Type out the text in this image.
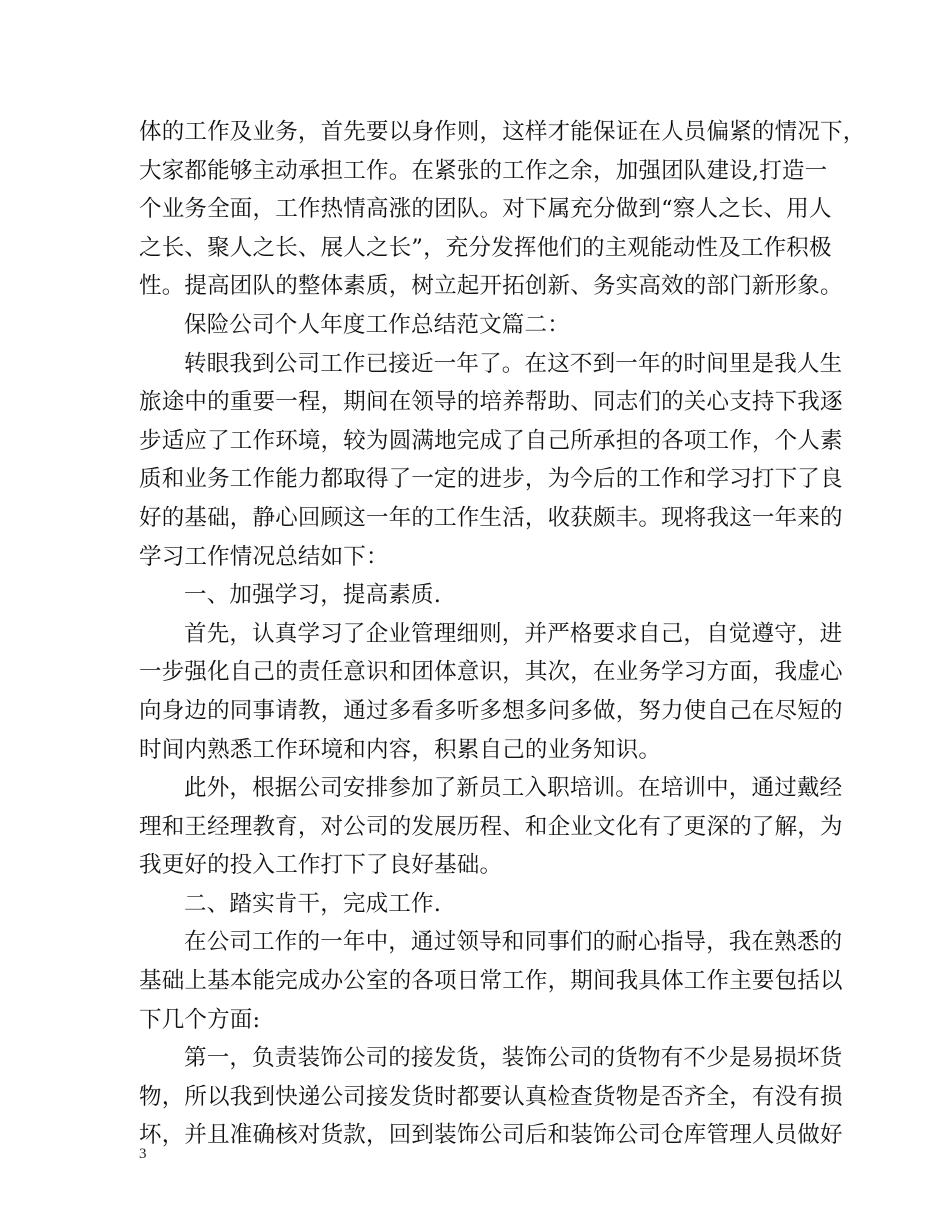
体的工作及业务，首先要以身作则，这样才能保证在人员偏紧的情况下，
大家都能够主动承担工作。在紧张的工作之余，加强团队建设,打造一
个业务全面，工作热情高涨的团队。对下属充分做到“察人之长、用人
之长、聚人之长、展人之长”，充分发挥他们的主观能动性及工作积极
性。提高团队的整体素质，树立起开拓创新、务实高效的部门新形象。
保险公司个人年度工作总结范文篇二：
转眼我到公司工作已接近一年了。在这不到一年的时间里是我人生
旅途中的重要一程，期间在领导的培养帮助、同志们的关心支持下我逐
步适应了工作环境，较为圆满地完成了自己所承担的各项工作，个人素
质和业务工作能力都取得了一定的进步，为今后的工作和学习打下了良
好的基础，静心回顾这一年的工作生活，收获颇丰。现将我这一年来的
学习工作情况总结如下：
一、加强学习，提高素质.
首先，认真学习了企业管理细则，并严格要求自己，自觉遵守，进
一步强化自己的责任意识和团体意识，其次，在业务学习方面，我虚心
向身边的同事请教，通过多看多听多想多问多做，努力使自己在尽短的
时间内熟悉工作环境和内容，积累自己的业务知识。
此外，根据公司安排参加了新员工入职培训。在培训中，通过戴经
理和王经理教育，对公司的发展历程、和企业文化有了更深的了解，为
我更好的投入工作打下了良好基础。
二、踏实肯干，完成工作.
在公司工作的一年中，通过领导和同事们的耐心指导，我在熟悉的
基础上基本能完成办公室的各项日常工作，期间我具体工作主要包括以
下几个方面:
第一，负责装饰公司的接发货，装饰公司的货物有不少是易损坏货
物，所以我到快递公司接发货时都要认真检查货物是否齐全，有没有损
坏，并且准确核对货款，回到装饰公司后和装饰公司仓库管理人员做好
3
